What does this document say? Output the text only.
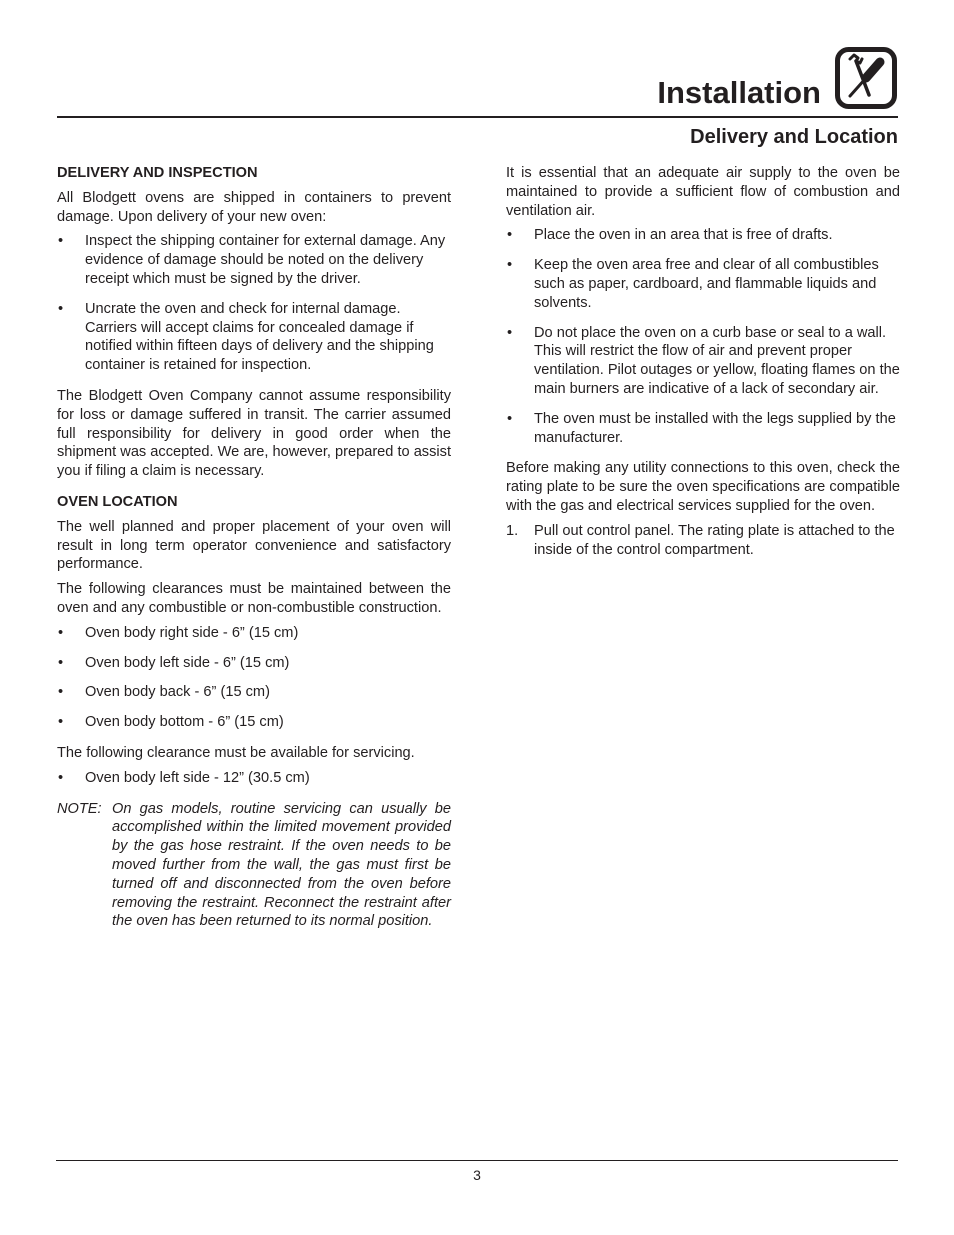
Installation
Delivery and Location
DELIVERY AND INSPECTION

All Blodgett ovens are shipped in containers to prevent damage. Upon delivery of your new oven:

• Inspect the shipping container for external damage. Any evidence of damage should be noted on the delivery receipt which must be signed by the driver.
• Uncrate the oven and check for internal damage. Carriers will accept claims for concealed damage if notified within fifteen days of delivery and the shipping container is retained for inspection.

The Blodgett Oven Company cannot assume responsibility for loss or damage suffered in transit. The carrier assumed full responsibility for delivery in good order when the shipment was accepted. We are, however, prepared to assist you if filing a claim is necessary.

OVEN LOCATION

The well planned and proper placement of your oven will result in long term operator convenience and satisfactory performance.

The following clearances must be maintained between the oven and any combustible or non-combustible construction.

• Oven body right side - 6” (15 cm)
• Oven body left side - 6” (15 cm)
• Oven body back - 6” (15 cm)
• Oven body bottom - 6” (15 cm)

The following clearance must be available for servicing.

• Oven body left side - 12” (30.5 cm)
NOTE: On gas models, routine servicing can usually be accomplished within the limited movement provided by the gas hose restraint. If the oven needs to be moved further from the wall, the gas must first be turned off and disconnected from the oven before removing the restraint. Reconnect the restraint after the oven has been returned to its normal position.

It is essential that an adequate air supply to the oven be maintained to provide a sufficient flow of combustion and ventilation air.

• Place the oven in an area that is free of drafts.
• Keep the oven area free and clear of all combustibles such as paper, cardboard, and flammable liquids and solvents.
• Do not place the oven on a curb base or seal to a wall. This will restrict the flow of air and prevent proper ventilation. Pilot outages or yellow, floating flames on the main burners are indicative of a lack of secondary air.
• The oven must be installed with the legs supplied by the manufacturer.

Before making any utility connections to this oven, check the rating plate to be sure the oven specifications are compatible with the gas and electrical services supplied for the oven.

1. Pull out control panel. The rating plate is attached to the inside of the control compartment.
3
